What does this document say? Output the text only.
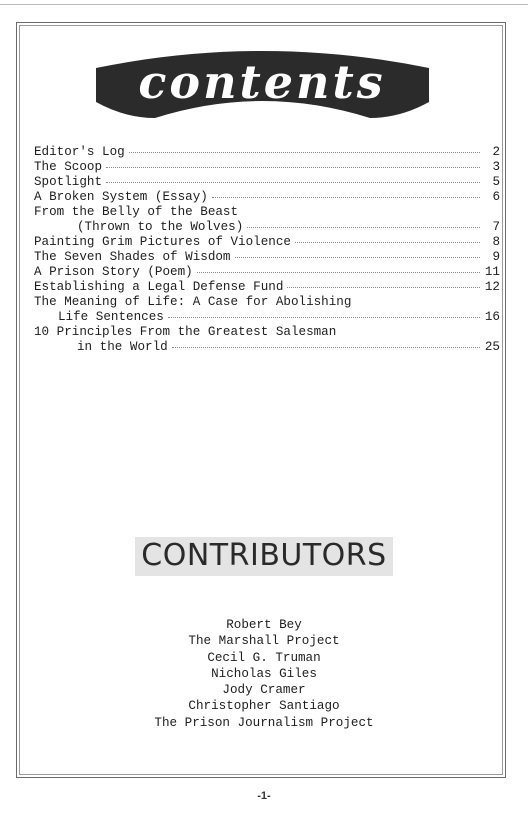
contents
Editor's Log	2
The Scoop	3
Spotlight	5
A Broken System (Essay)	6
From the Belly of the Beast
(Thrown to the Wolves)	7
Painting Grim Pictures of Violence	8
The Seven Shades of Wisdom	9
A Prison Story (Poem)	11
Establishing a Legal Defense Fund	12
The Meaning of Life: A Case for Abolishing
Life Sentences	16
10 Principles From the Greatest Salesman
in the World	25
CONTRIBUTORS
Robert Bey
The Marshall Project
Cecil G. Truman
Nicholas Giles
Jody Cramer
Christopher Santiago
The Prison Journalism Project
-1-
